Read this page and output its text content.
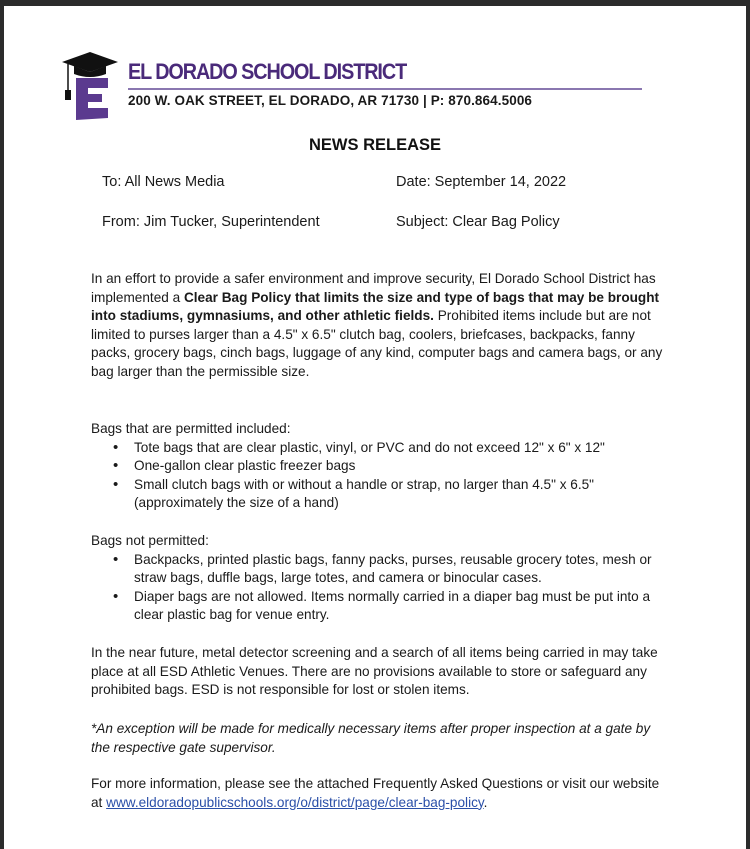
EL DORADO SCHOOL DISTRICT
200 W. OAK STREET, EL DORADO, AR 71730 | P: 870.864.5006
NEWS RELEASE
To: All News Media	Date: September 14, 2022
From: Jim Tucker, Superintendent	Subject: Clear Bag Policy

In an effort to provide a safer environment and improve security, El Dorado School District has implemented a Clear Bag Policy that limits the size and type of bags that may be brought into stadiums, gymnasiums, and other athletic fields. Prohibited items include but are not limited to purses larger than a 4.5" x 6.5" clutch bag, coolers, briefcases, backpacks, fanny packs, grocery bags, cinch bags, luggage of any kind, computer bags and camera bags, or any bag larger than the permissible size.

Bags that are permitted included:

• Tote bags that are clear plastic, vinyl, or PVC and do not exceed 12" x 6" x 12"
• One-gallon clear plastic freezer bags
• Small clutch bags with or without a handle or strap, no larger than 4.5" x 6.5" (approximately the size of a hand)

Bags not permitted:

• Backpacks, printed plastic bags, fanny packs, purses, reusable grocery totes, mesh or straw bags, duffle bags, large totes, and camera or binocular cases.
• Diaper bags are not allowed. Items normally carried in a diaper bag must be put into a clear plastic bag for venue entry.

In the near future, metal detector screening and a search of all items being carried in may take place at all ESD Athletic Venues. There are no provisions available to store or safeguard any prohibited bags. ESD is not responsible for lost or stolen items.

*An exception will be made for medically necessary items after proper inspection at a gate by the respective gate supervisor.

For more information, please see the attached Frequently Asked Questions or visit our website at www.eldoradopublicschools.org/o/district/page/clear-bag-policy.
